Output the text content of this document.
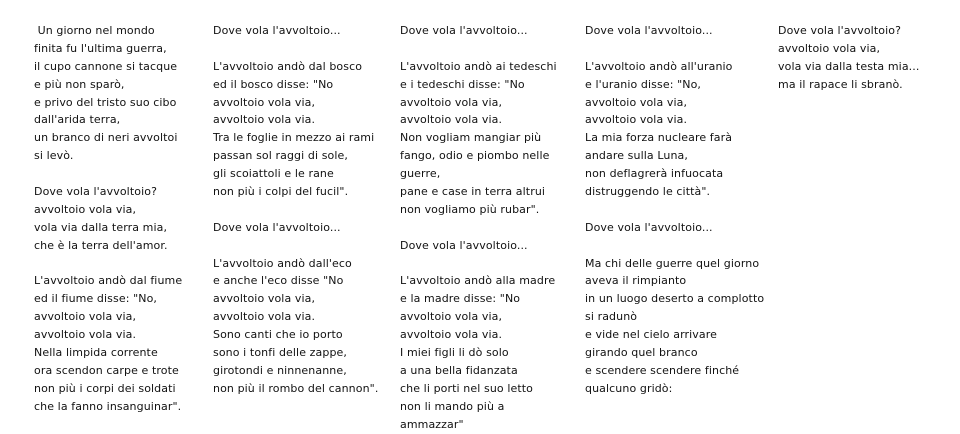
Un giorno nel mondo
finita fu l'ultima guerra,
il cupo cannone si tacque
e più non sparò,
e privo del tristo suo cibo
dall'arida terra,
un branco di neri avvoltoi
si levò.
Dove vola l'avvoltoio?
avvoltoio vola via,
vola via dalla terra mia,
che è la terra dell'amor.
L'avvoltoio andò dal fiume
ed il fiume disse: "No,
avvoltoio vola via,
avvoltoio vola via.
Nella limpida corrente
ora scendon carpe e trote
non più i corpi dei soldati
che la fanno insanguinar".
Dove vola l'avvoltoio...
L'avvoltoio andò dal bosco
ed il bosco disse: "No
avvoltoio vola via,
avvoltoio vola via.
Tra le foglie in mezzo ai rami
passan sol raggi di sole,
gli scoiattoli e le rane
non più i colpi del fucil".
Dove vola l'avvoltoio...
L'avvoltoio andò dall'eco
e anche l'eco disse "No
avvoltoio vola via,
avvoltoio vola via.
Sono canti che io porto
sono i tonfi delle zappe,
girotondi e ninnenanne,
non più il rombo del cannon".
Dove vola l'avvoltoio...
L'avvoltoio andò ai tedeschi
e i tedeschi disse: "No
avvoltoio vola via,
avvoltoio vola via.
Non vogliam mangiar più
fango, odio e piombo nelle
guerre,
pane e case in terra altrui
non vogliamo più rubar".
Dove vola l'avvoltoio...
L'avvoltoio andò alla madre
e la madre disse: "No
avvoltoio vola via,
avvoltoio vola via.
I miei figli li dò solo
a una bella fidanzata
che li porti nel suo letto
non li mando più a
ammazzar"
Dove vola l'avvoltoio...
L'avvoltoio andò all'uranio
e l'uranio disse: "No,
avvoltoio vola via,
avvoltoio vola via.
La mia forza nucleare farà
andare sulla Luna,
non deflagrerà infuocata
distruggendo le città".
Dove vola l'avvoltoio...
Ma chi delle guerre quel giorno
aveva il rimpianto
in un luogo deserto a complotto
si radunò
e vide nel cielo arrivare
girando quel branco
e scendere scendere finché
qualcuno gridò:
Dove vola l'avvoltoio?
avvoltoio vola via,
vola via dalla testa mia...
ma il rapace li sbranò.
